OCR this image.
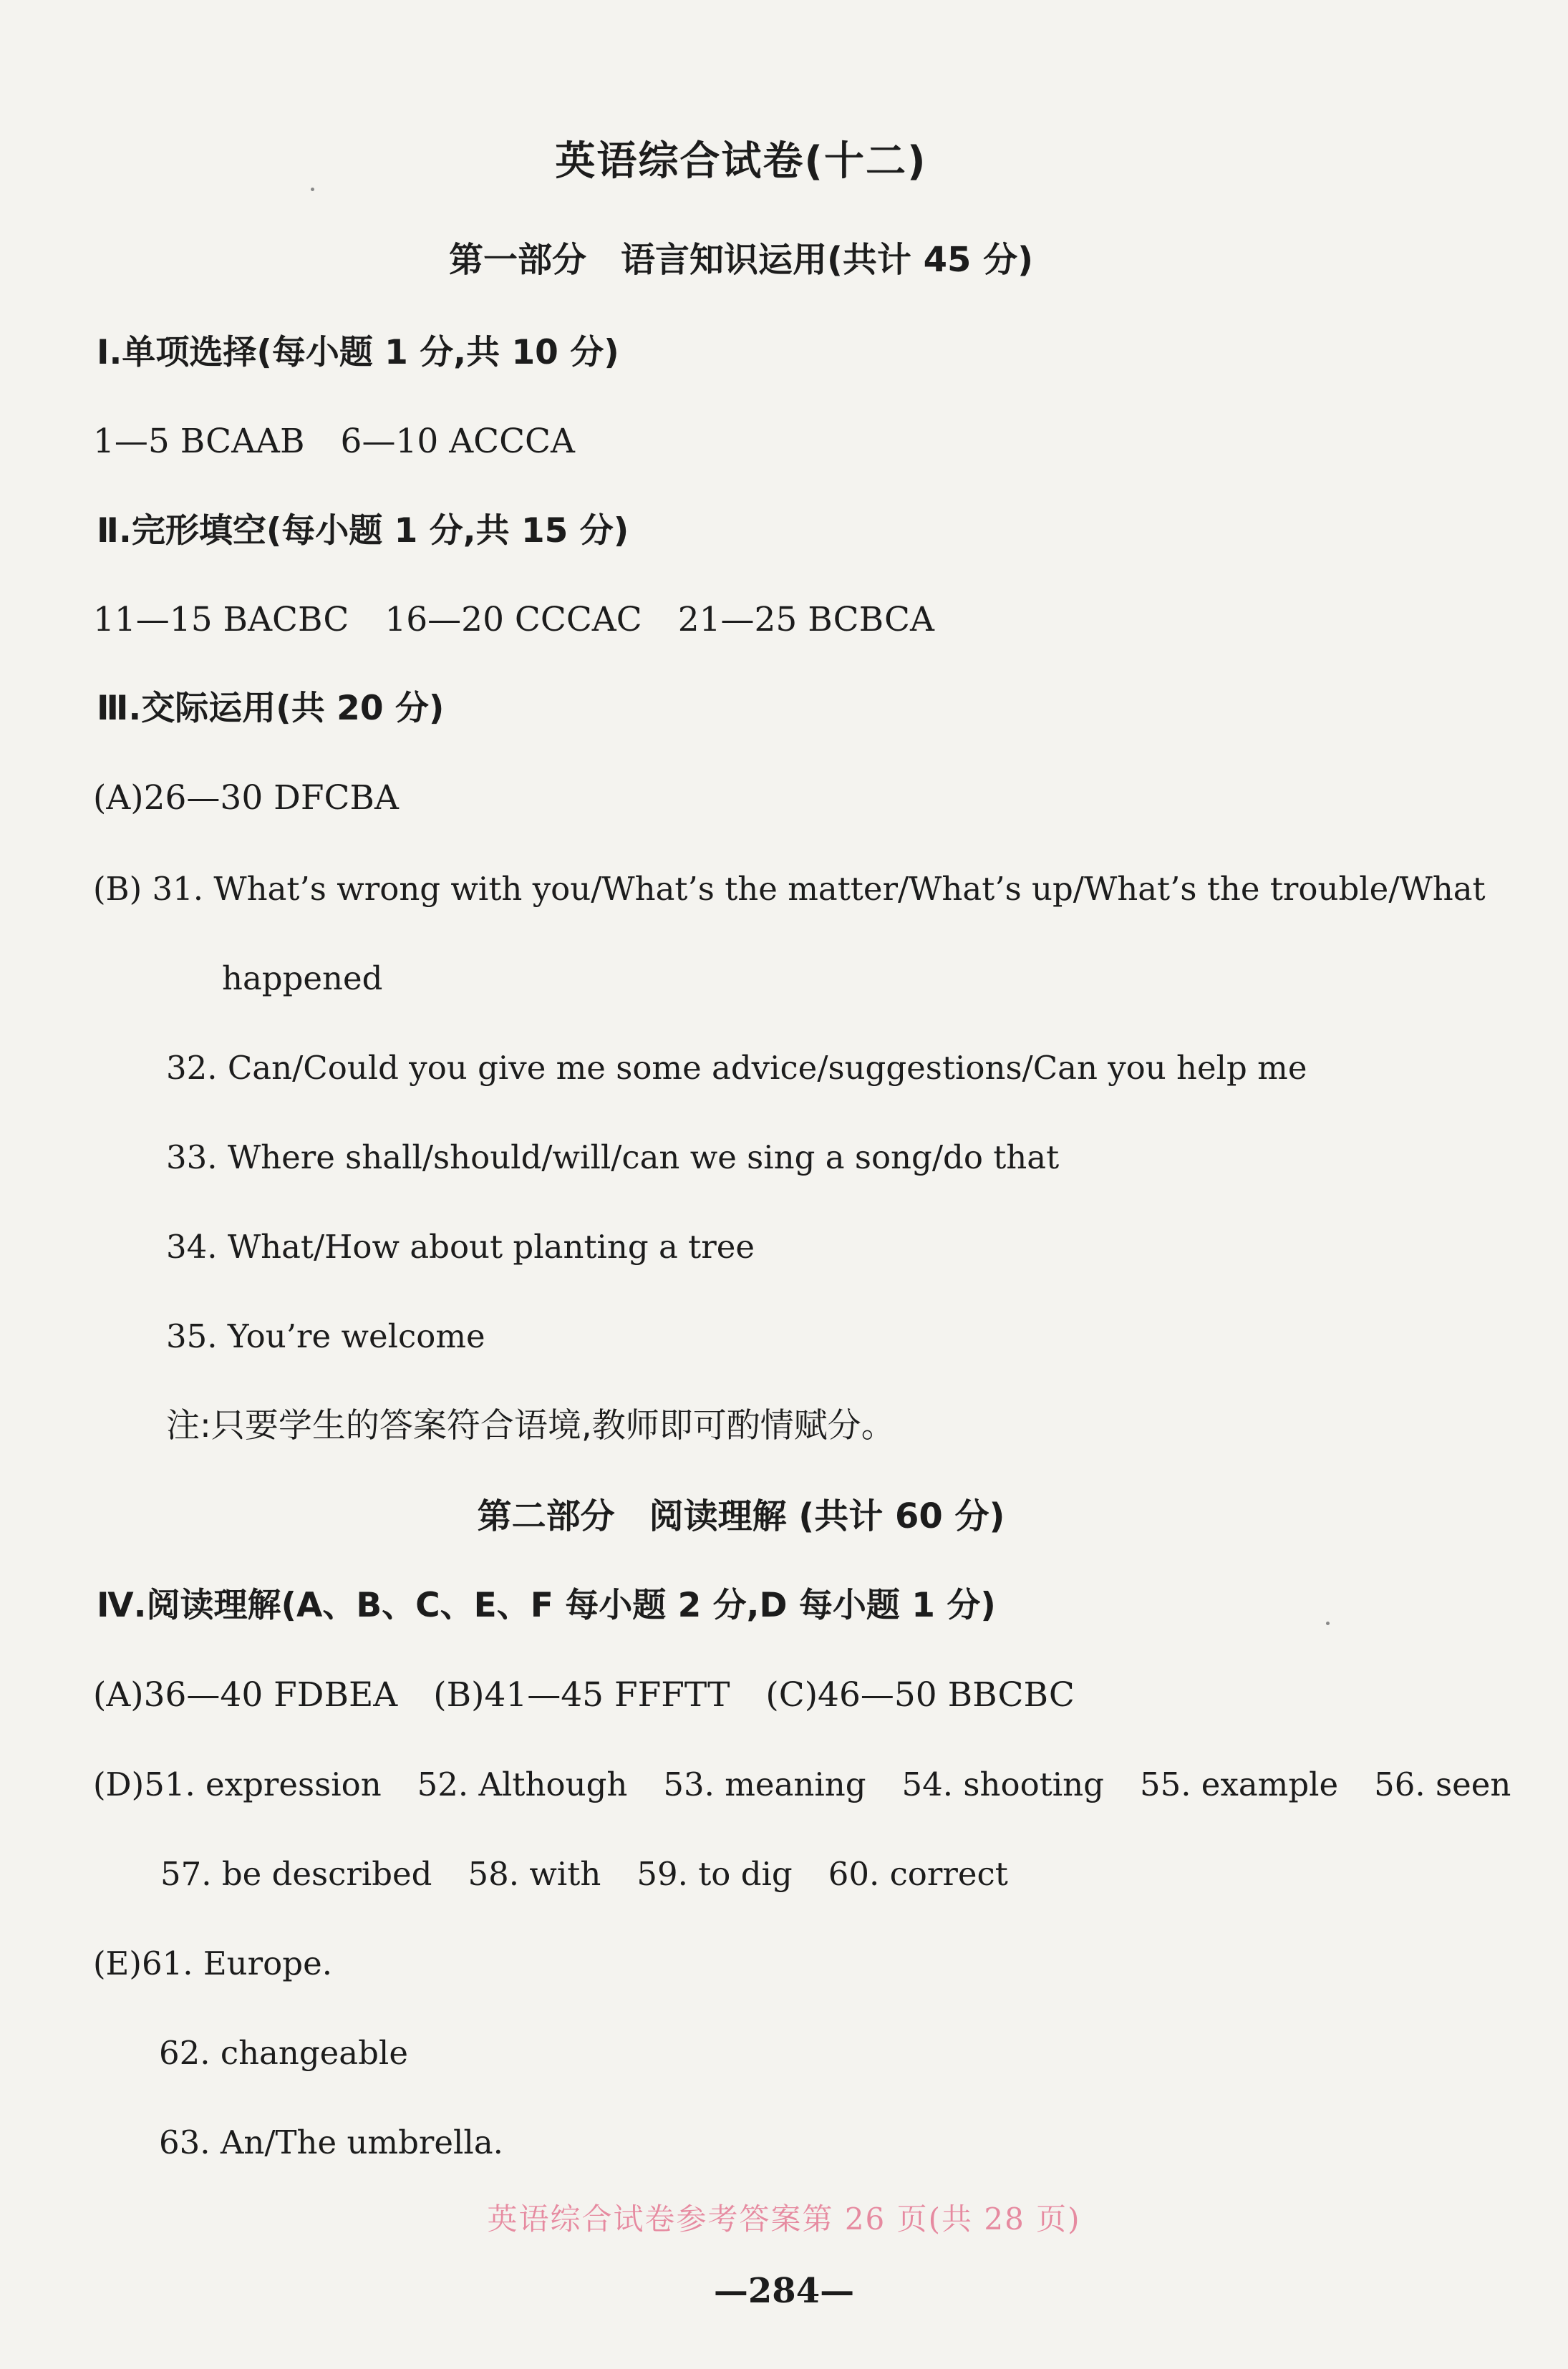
英语综合试卷(十二)
第一部分　语言知识运用(共计 45 分)
Ⅰ.单项选择(每小题 1 分,共 10 分)
1—5 BCAAB 6—10 ACCCA
Ⅱ.完形填空(每小题 1 分,共 15 分)
11—15 BACBC 16—20 CCCAC 21—25 BCBCA
Ⅲ.交际运用(共 20 分)
(A)26—30 DFCBA
(B) 31. What’s wrong with you/What’s the matter/What’s up/What’s the trouble/What
happened
32. Can/Could you give me some advice/suggestions/Can you help me
33. Where shall/should/will/can we sing a song/do that
34. What/How about planting a tree
35. You’re welcome
注:只要学生的答案符合语境,教师即可酌情赋分。
第二部分　阅读理解 (共计 60 分)
Ⅳ.阅读理解(A、B、C、E、F 每小题 2 分,D 每小题 1 分)
(A)36—40 FDBEA (B)41—45 FFFTT (C)46—50 BBCBC
(D)51. expression 52. Although 53. meaning 54. shooting 55. example 56. seen
57. be described 58. with 59. to dig 60. correct
(E)61. Europe.
62. changeable
63. An/The umbrella.
英语综合试卷参考答案第 26 页(共 28 页)
—284—
